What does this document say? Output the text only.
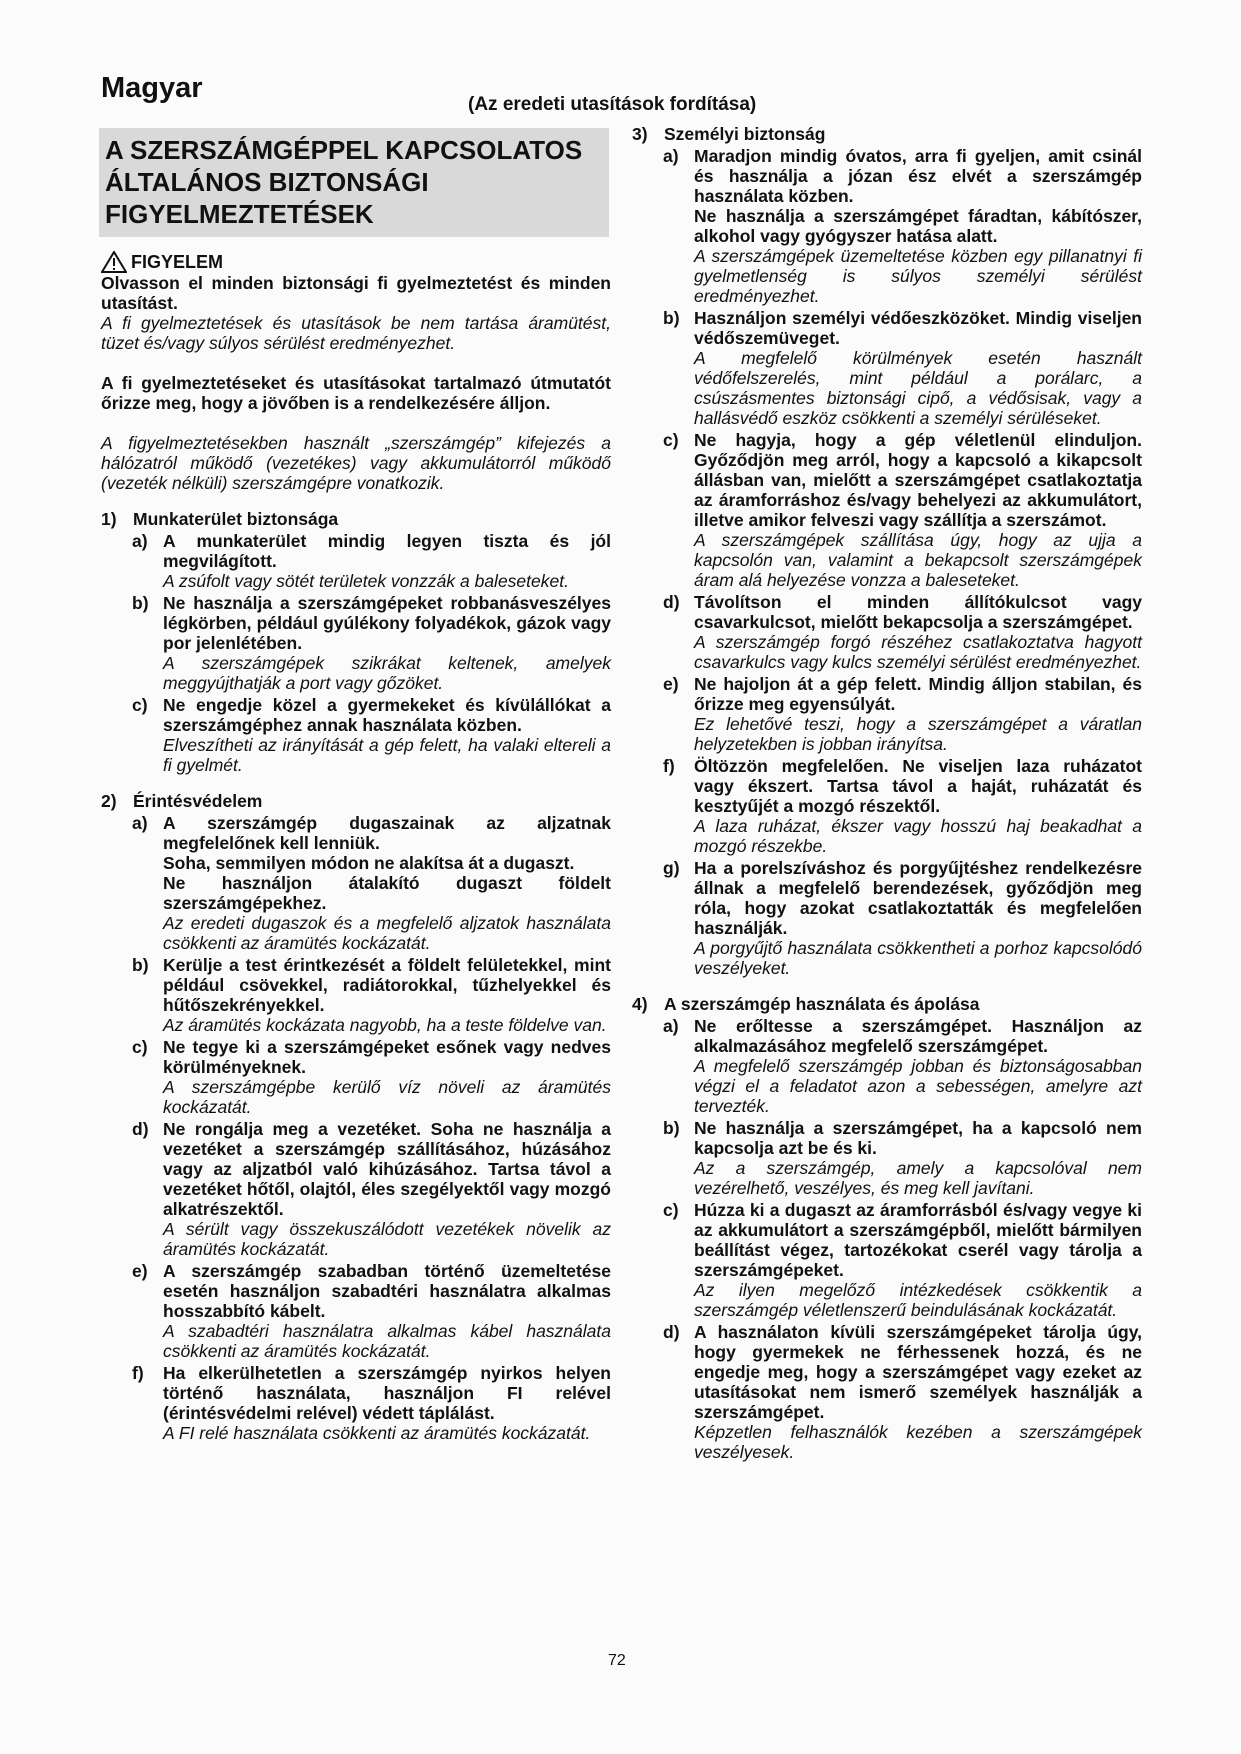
Magyar
(Az eredeti utasítások fordítása)
A SZERSZÁMGÉPPEL KAPCSOLATOS ÁLTALÁNOS BIZTONSÁGI FIGYELMEZTETÉSEK
FIGYELEM

Olvasson el minden biztonsági fi gyelmeztetést és minden utasítást.

A fi gyelmeztetések és utasítások be nem tartása áramütést, tüzet és/vagy súlyos sérülést eredményezhet.

A fi gyelmeztetéseket és utasításokat tartalmazó útmutatót őrizze meg, hogy a jövőben is a rendelkezésére álljon.

A figyelmeztetésekben használt „szerszámgép” kifejezés a hálózatról működő (vezetékes) vagy akkumulátorról működő (vezeték nélküli) szerszámgépre vonatkozik.

1) Munkaterület biztonsága
a) A munkaterület mindig legyen tiszta és jól megvilágított.

A zsúfolt vagy sötét területek vonzzák a baleseteket.

b) Ne használja a szerszámgépeket robbanásveszélyes légkörben, például gyúlékony folyadékok, gázok vagy por jelenlétében.

A szerszámgépek szikrákat keltenek, amelyek meggyújthatják a port vagy gőzöket.

c) Ne engedje közel a gyermekeket és kívülállókat a szerszámgéphez annak használata közben.

Elveszítheti az irányítását a gép felett, ha valaki eltereli a fi gyelmét.

2) Érintésvédelem
a) A szerszámgép dugaszainak az aljzatnak megfelelőnek kell lenniük.

Soha, semmilyen módon ne alakítsa át a dugaszt.

Ne használjon átalakító dugaszt földelt szerszámgépekhez.

Az eredeti dugaszok és a megfelelő aljzatok használata csökkenti az áramütés kockázatát.

b) Kerülje a test érintkezését a földelt felületekkel, mint például csövekkel, radiátorokkal, tűzhelyekkel és hűtőszekrényekkel.

Az áramütés kockázata nagyobb, ha a teste földelve van.

c) Ne tegye ki a szerszámgépeket esőnek vagy nedves körülményeknek.

A szerszámgépbe kerülő víz növeli az áramütés kockázatát.

d) Ne rongálja meg a vezetéket. Soha ne használja a vezetéket a szerszámgép szállításához, húzásához vagy az aljzatból való kihúzásához. Tartsa távol a vezetéket hőtől, olajtól, éles szegélyektől vagy mozgó alkatrészektől.

A sérült vagy összekuszálódott vezetékek növelik az áramütés kockázatát.

e) A szerszámgép szabadban történő üzemeltetése esetén használjon szabadtéri használatra alkalmas hosszabbító kábelt.

A szabadtéri használatra alkalmas kábel használata csökkenti az áramütés kockázatát.

f)	Ha elkerülhetetlen a szerszámgép nyirkos helyen történő használata, használjon FI relével (érintésvédelmi relével) védett táplálást.

A FI relé használata csökkenti az áramütés kockázatát.

3) Személyi biztonság
a) Maradjon mindig óvatos, arra fi gyeljen, amit csinál és használja a józan ész elvét a szerszámgép használata közben.

Ne használja a szerszámgépet fáradtan, kábítószer, alkohol vagy gyógyszer hatása alatt.

A szerszámgépek üzemeltetése közben egy pillanatnyi fi gyelmetlenség is súlyos személyi sérülést eredményezhet.

b) Használjon személyi védőeszközöket. Mindig viseljen védőszemüveget.

A megfelelő körülmények esetén használt védőfelszerelés, mint például a porálarc, a csúszásmentes biztonsági cipő, a védősisak, vagy a hallásvédő eszköz csökkenti a személyi sérüléseket.

c) Ne hagyja, hogy a gép véletlenül elinduljon. Győződjön meg arról, hogy a kapcsoló a kikapcsolt állásban van, mielőtt a szerszámgépet csatlakoztatja az áramforráshoz és/vagy behelyezi az akkumulátort, illetve amikor felveszi vagy szállítja a szerszámot.

A szerszámgépek szállítása úgy, hogy az ujja a kapcsolón van, valamint a bekapcsolt szerszámgépek áram alá helyezése vonzza a baleseteket.

d) Távolítson el minden állítókulcsot vagy csavarkulcsot, mielőtt bekapcsolja a szerszámgépet.

A szerszámgép forgó részéhez csatlakoztatva hagyott csavarkulcs vagy kulcs személyi sérülést eredményezhet.

e) Ne hajoljon át a gép felett. Mindig álljon stabilan, és őrizze meg egyensúlyát.

Ez lehetővé teszi, hogy a szerszámgépet a váratlan helyzetekben is jobban irányítsa.

f)	Öltözzön megfelelően. Ne viseljen laza ruházatot vagy ékszert. Tartsa távol a haját, ruházatát és kesztyűjét a mozgó részektől.

A laza ruházat, ékszer vagy hosszú haj beakadhat a mozgó részekbe.

g) Ha a porelszíváshoz és porgyűjtéshez rendelkezésre állnak a megfelelő berendezések, győződjön meg róla, hogy azokat csatlakoztatták és megfelelően használják.

A porgyűjtő használata csökkentheti a porhoz kapcsolódó veszélyeket.

4) A szerszámgép használata és ápolása
a) Ne erőltesse a szerszámgépet. Használjon az alkalmazásához megfelelő szerszámgépet.

A megfelelő szerszámgép jobban és biztonságosabban végzi el a feladatot azon a sebességen, amelyre azt tervezték.

b) Ne használja a szerszámgépet, ha a kapcsoló nem kapcsolja azt be és ki.

Az a szerszámgép, amely a kapcsolóval nem vezérelhető, veszélyes, és meg kell javítani.

c) Húzza ki a dugaszt az áramforrásból és/vagy vegye ki az akkumulátort a szerszámgépből, mielőtt bármilyen beállítást végez, tartozékokat cserél vagy tárolja a szerszámgépeket.

Az ilyen megelőző intézkedések csökkentik a szerszámgép véletlenszerű beindulásának kockázatát.

d) A használaton kívüli szerszámgépeket tárolja úgy, hogy gyermekek ne férhessenek hozzá, és ne engedje meg, hogy a szerszámgépet vagy ezeket az utasításokat nem ismerő személyek használják a szerszámgépet.

Képzetlen felhasználók kezében a szerszámgépek veszélyesek.

72
